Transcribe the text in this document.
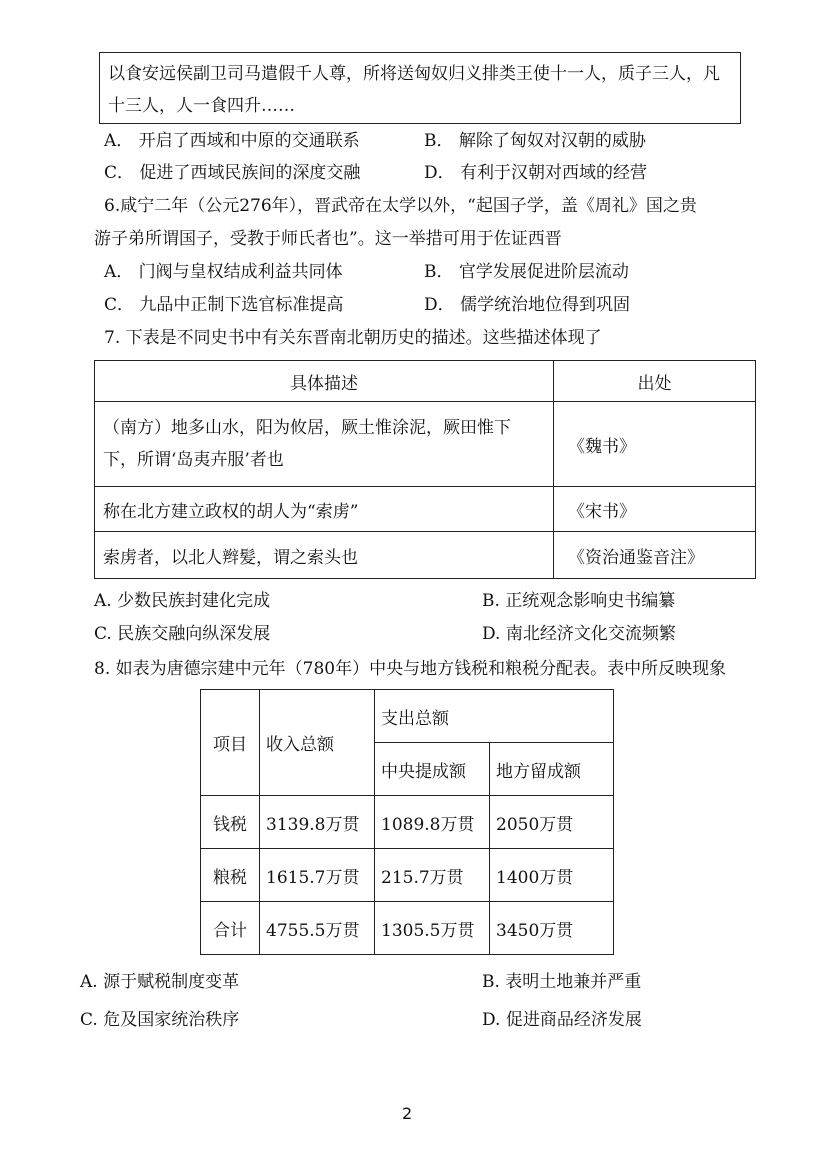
以食安远侯副卫司马遣假千人尊，所将送匈奴归义排类王使十一人，质子三人，凡
十三人，人一食四升……
A． 开启了西域和中原的交通联系	B． 解除了匈奴对汉朝的威胁
C． 促进了西域民族间的深度交融	D． 有利于汉朝对西域的经营
6.咸宁二年（公元276年），晋武帝在太学以外，“起国子学，盖《周礼》国之贵
游子弟所谓国子，受教于师氏者也”。这一举措可用于佐证西晋
A． 门阀与皇权结成利益共同体	B． 官学发展促进阶层流动
C． 九品中正制下选官标准提高	D． 儒学统治地位得到巩固
7. 下表是不同史书中有关东晋南北朝历史的描述。这些描述体现了
具体描述	出处
（南方）地多山水，阳为攸居，厥土惟涂泥，厥田惟下下，所谓‘岛夷卉服’者也	《魏书》
称在北方建立政权的胡人为“索虏”	《宋书》
索虏者，以北人辫髪，谓之索头也	《资治通鉴音注》
A. 少数民族封建化完成	B. 正统观念影响史书编纂
C. 民族交融向纵深发展	D. 南北经济文化交流频繁
8. 如表为唐德宗建中元年（780年）中央与地方钱税和粮税分配表。表中所反映现象
项目	收入总额	支出总额	
		中央提成额	地方留成额
钱税	3139.8万贯	1089.8万贯	2050万贯
粮税	1615.7万贯	215.7万贯	1400万贯
合计	4755.5万贯	1305.5万贯	3450万贯
A. 源于赋税制度变革	B. 表明土地兼并严重
C. 危及国家统治秩序	D. 促进商品经济发展
2
